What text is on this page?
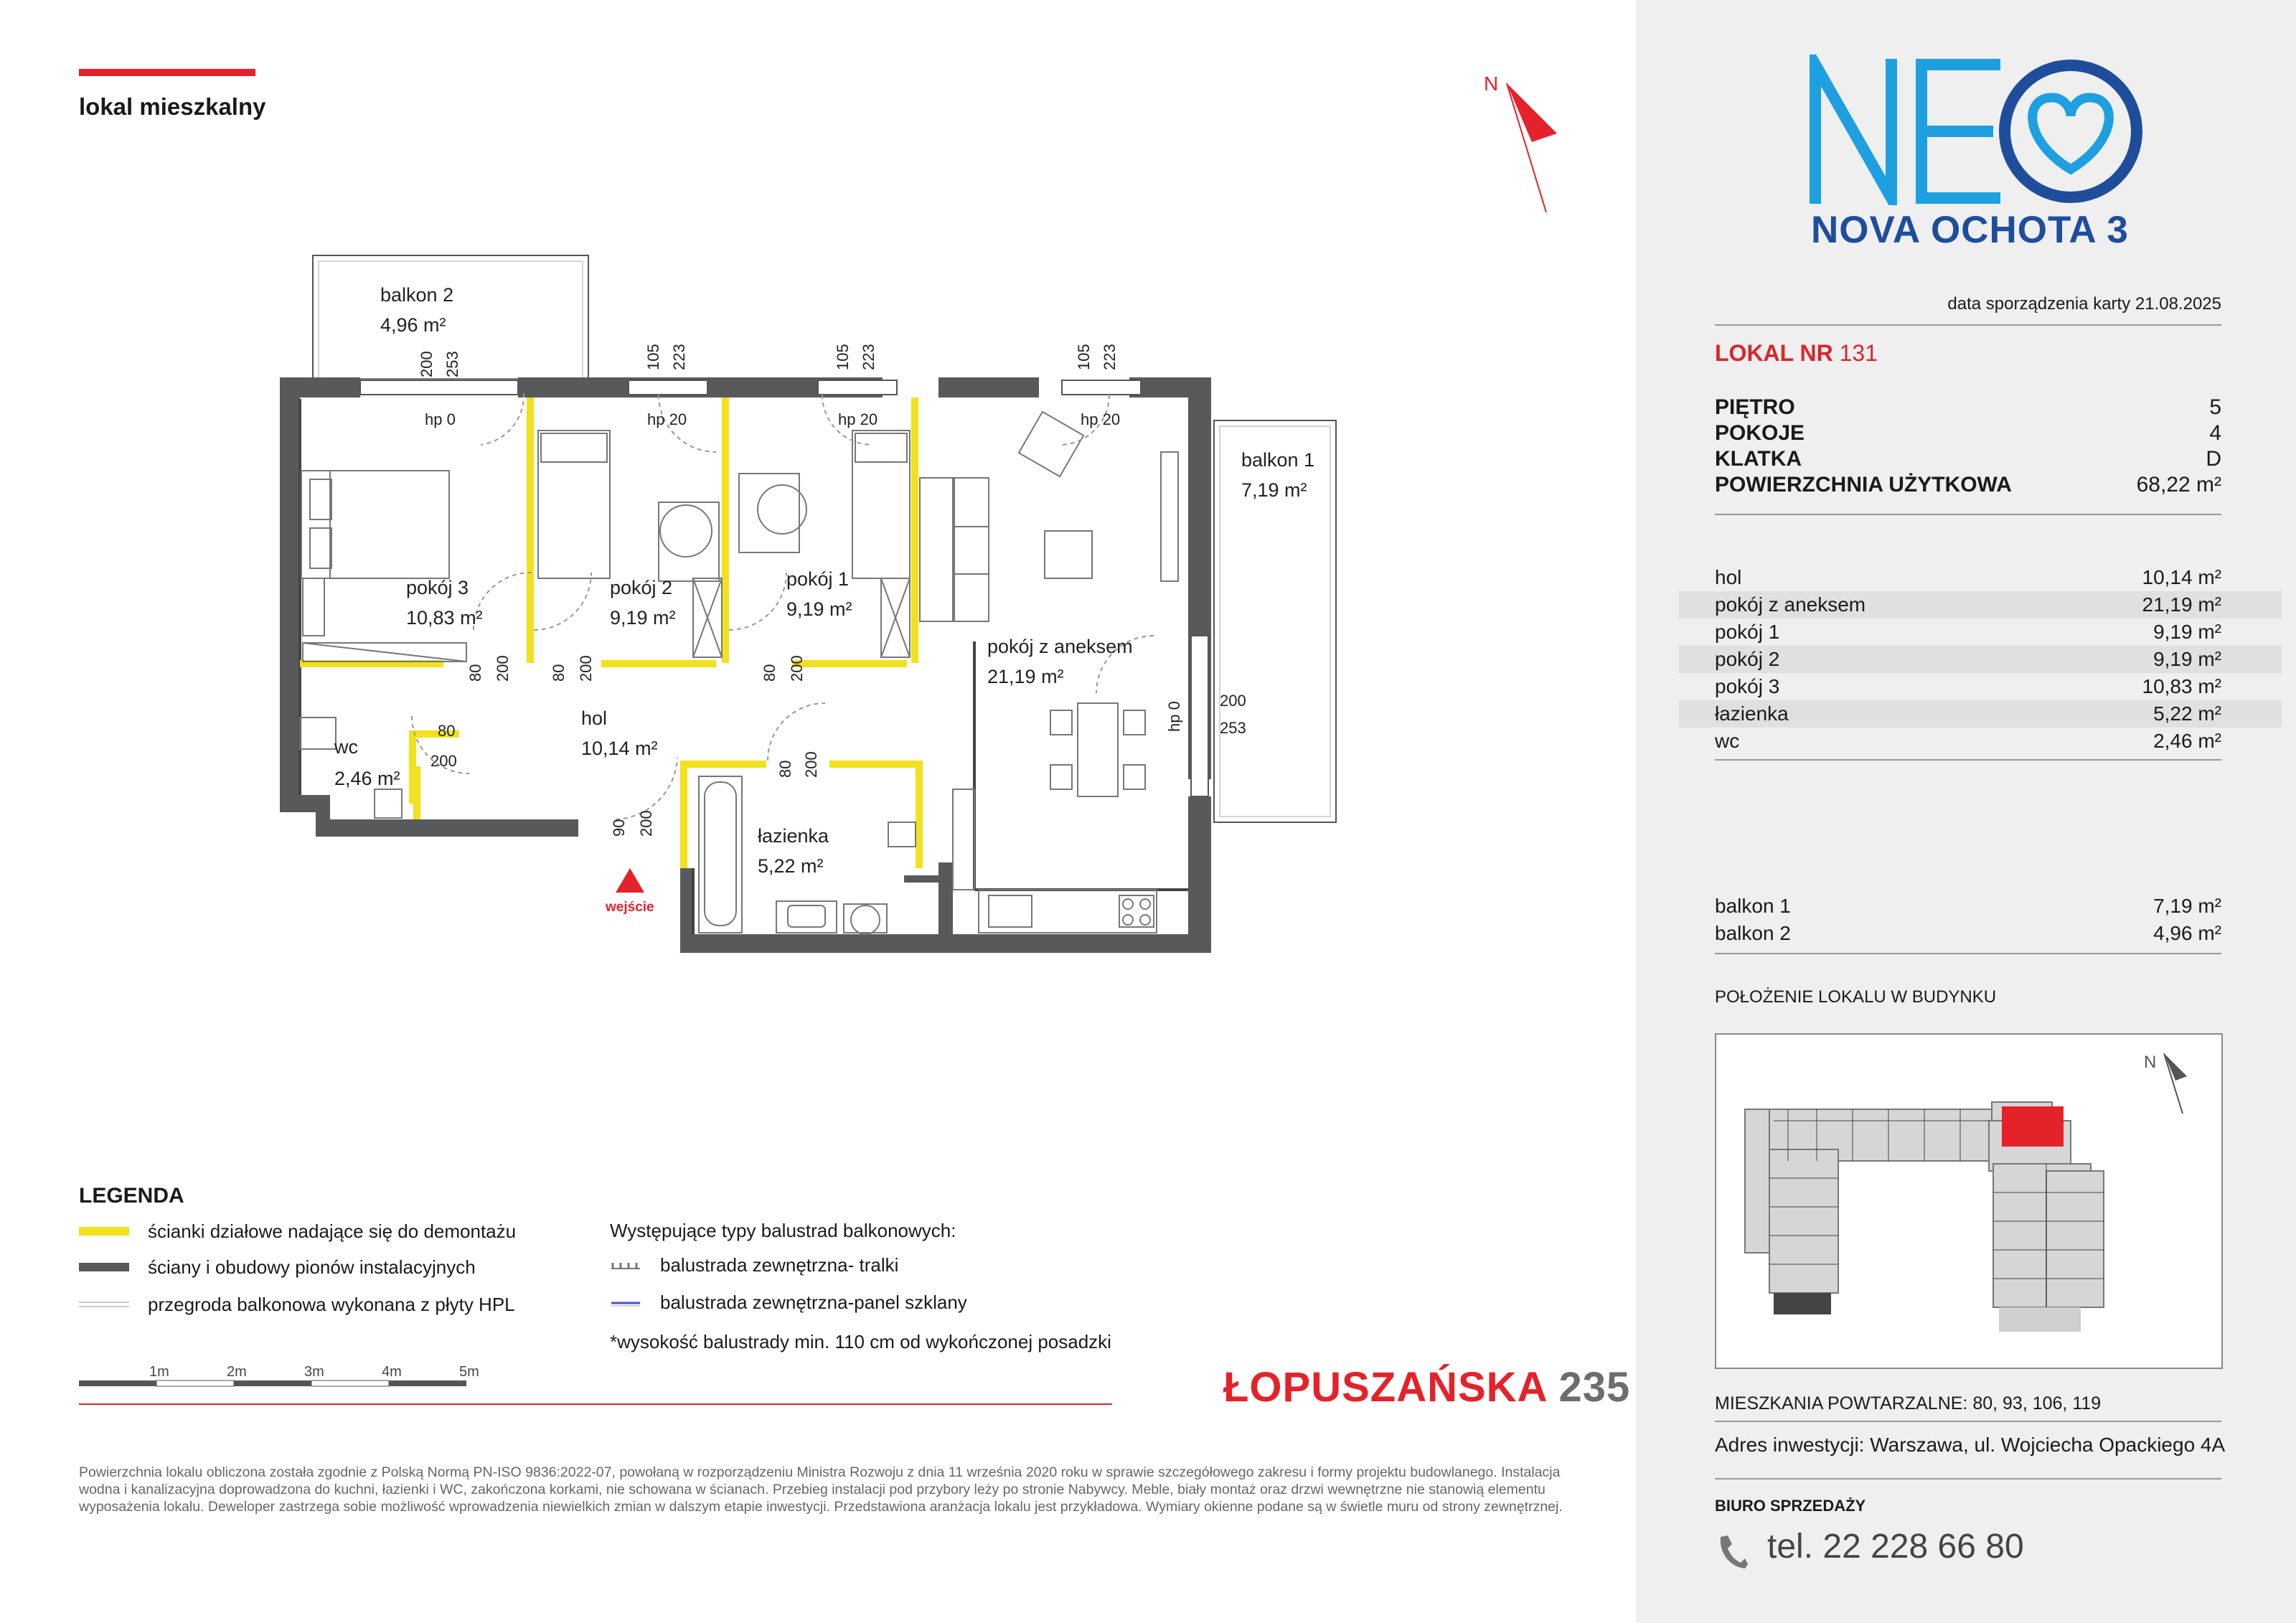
lokal mieszkalny
N
balkon 2
4,96 m²
balkon 1
7,19 m²
pokój 3
10,83 m²
pokój 2
9,19 m²
pokój 1
9,19 m²
pokój z aneksem
21,19 m²
wc
2,46 m²
hol
10,14 m²
łazienka
5,22 m²
200 253
hp 0
105 223
hp 20
105 223
hp 20
105 223
hp 20
200
253
hp 0
80 200 80 200	80 200
80
200	80 200
90 200
wejście
LEGENDA
ścianki działowe nadające się do demontażu
ściany i obudowy pionów instalacyjnych
przegroda balkonowa wykonana z płyty HPL
Występujące typy balustrad balkonowych:
balustrada zewnętrzna- tralki
balustrada zewnętrzna-panel szklany
*wysokość balustrady min. 110 cm od wykończonej posadzki
1m	2m	3m	4m	5m	ŁOPUSZAŃSKA 235
Powierzchnia lokalu obliczona została zgodnie z Polską Normą PN-ISO 9836:2022-07, powołaną w rozporządzeniu Ministra Rozwoju z dnia 11 września 2020 roku w sprawie szczegółowego zakresu i formy projektu budowlanego. Instalacja wodna i kanalizacyjna doprowadzona do kuchni, łazienki i WC, zakończona korkami, nie schowana w ścianach. Przebieg instalacji pod przybory leży po stronie Nabywcy. Meble, biały montaż oraz drzwi wewnętrzne nie stanowią elementu wyposażenia lokalu. Deweloper zastrzega sobie możliwość wprowadzenia niewielkich zmian w dalszym etapie inwestycji. Przedstawiona aranżacja lokalu jest przykładowa. Wymiary okienne podane są w świetle muru od strony zewnętrznej.
NOVA OCHOTA 3
data sporządzenia karty 21.08.2025
LOKAL NR 131
PIĘTRO	5
POKOJE	4
KLATKA	D
POWIERZCHNIA UŻYTKOWA	68,22 m²
hol	10,14 m²
pokój z aneksem	21,19 m²
pokój 1	9,19 m²
pokój 2	9,19 m²
pokój 3	10,83 m²
łazienka	5,22 m²
wc	2,46 m²
balkon 1	7,19 m²
balkon 2	4,96 m²
POŁOŻENIE LOKALU W BUDYNKU
N
MIESZKANIA POWTARZALNE: 80, 93, 106, 119
Adres inwestycji: Warszawa, ul. Wojciecha Opackiego 4A
BIURO SPRZEDAŻY
tel. 22 228 66 80
